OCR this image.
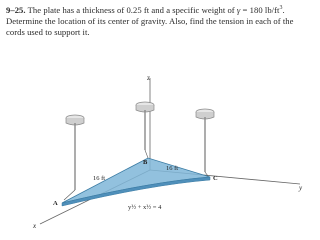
9–25. The plate has a thickness of 0.25 ft and a specific weight of γ = 180 $lb/ft^3$. Determine the location of its center of gravity. Also, find the tension in each of the cords used to support it.
z
x
y
A
B
C
16 ft
16 ft
y½ + x½ = 4
